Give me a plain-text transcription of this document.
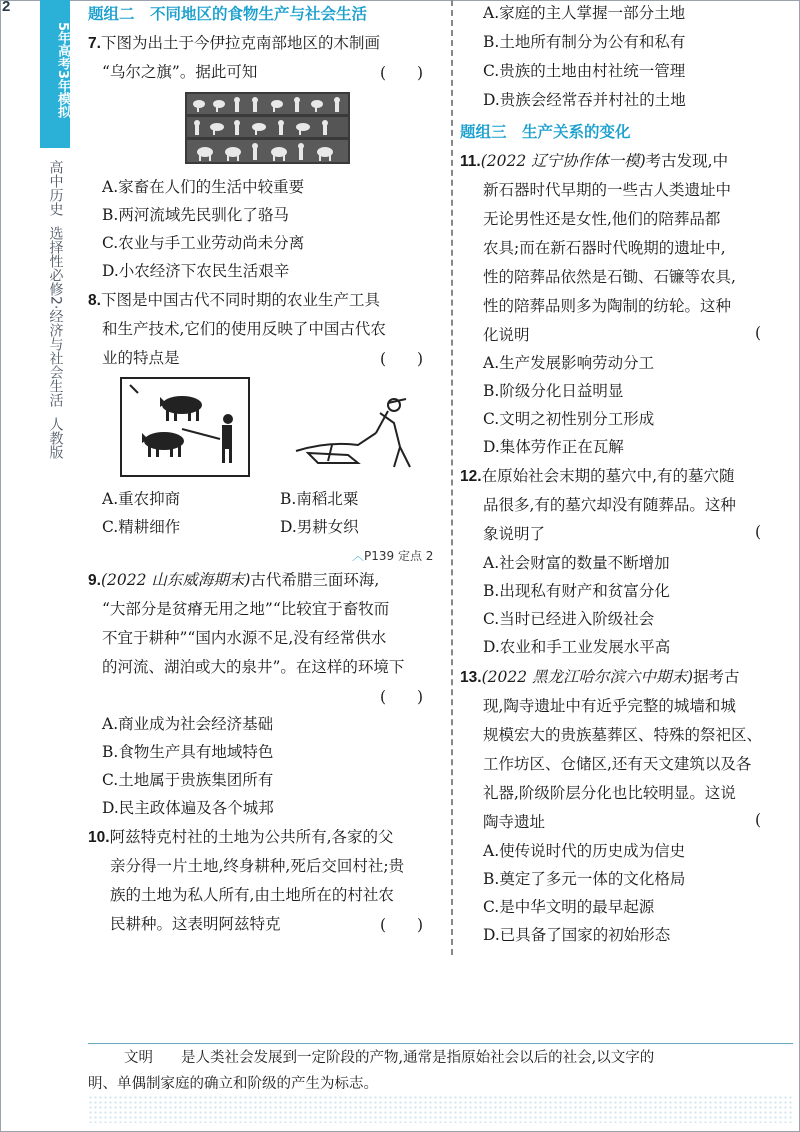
2
5年高考3年模拟
高中历史
选择性必修2·经济与社会生活
人教版
题组二　不同地区的食物生产与社会生活
7.下图为出土于今伊拉克南部地区的木制画
“乌尔之旗”。据此可知	(　　)
A.家畜在人们的生活中较重要
B.两河流域先民驯化了骆马
C.农业与手工业劳动尚未分离
D.小农经济下农民生活艰辛
8.下图是中国古代不同时期的农业生产工具
和生产技术,它们的使用反映了中国古代农
业的特点是	(　　)
A.重农抑商	B.南稻北粟
C.精耕细作	D.男耕女织
︿P139 定点 2
9.(2022 山东威海期末)古代希腊三面环海,
“大部分是贫瘠无用之地”“比较宜于畜牧而
不宜于耕种”“国内水源不足,没有经常供水
的河流、湖泊或大的泉井”。在这样的环境下
(　　)
A.商业成为社会经济基础
B.食物生产具有地域特色
C.土地属于贵族集团所有
D.民主政体遍及各个城邦
10.阿兹特克村社的土地为公共所有,各家的父
亲分得一片土地,终身耕种,死后交回村社;贵
族的土地为私人所有,由土地所在的村社农
民耕种。这表明阿兹特克	(　　)
A.家庭的主人掌握一部分土地
B.土地所有制分为公有和私有
C.贵族的土地由村社统一管理
D.贵族会经常吞并村社的土地
题组三　生产关系的变化
11.(2022 辽宁协作体一模)考古发现,中
新石器时代早期的一些古人类遗址中
无论男性还是女性,他们的陪葬品都
农具;而在新石器时代晚期的遗址中,
性的陪葬品依然是石锄、石镰等农具,
性的陪葬品则多为陶制的纺轮。这种
化说明	(
A.生产发展影响劳动分工
B.阶级分化日益明显
C.文明之初性别分工形成
D.集体劳作正在瓦解
12.在原始社会末期的墓穴中,有的墓穴随
品很多,有的墓穴却没有随葬品。这种
象说明了	(
A.社会财富的数量不断增加
B.出现私有财产和贫富分化
C.当时已经进入阶级社会
D.农业和手工业发展水平高
13.(2022 黑龙江哈尔滨六中期末)据考古
现,陶寺遗址中有近乎完整的城墙和城
规模宏大的贵族墓葬区、特殊的祭祀区、
工作坊区、仓储区,还有天文建筑以及各
礼器,阶级阶层分化也比较明显。这说
陶寺遗址	(
A.使传说时代的历史成为信史
B.奠定了多元一体的文化格局
C.是中华文明的最早起源
D.已具备了国家的初始形态
文明 是人类社会发展到一定阶段的产物,通常是指原始社会以后的社会,以文字的
明、单偶制家庭的确立和阶级的产生为标志。
